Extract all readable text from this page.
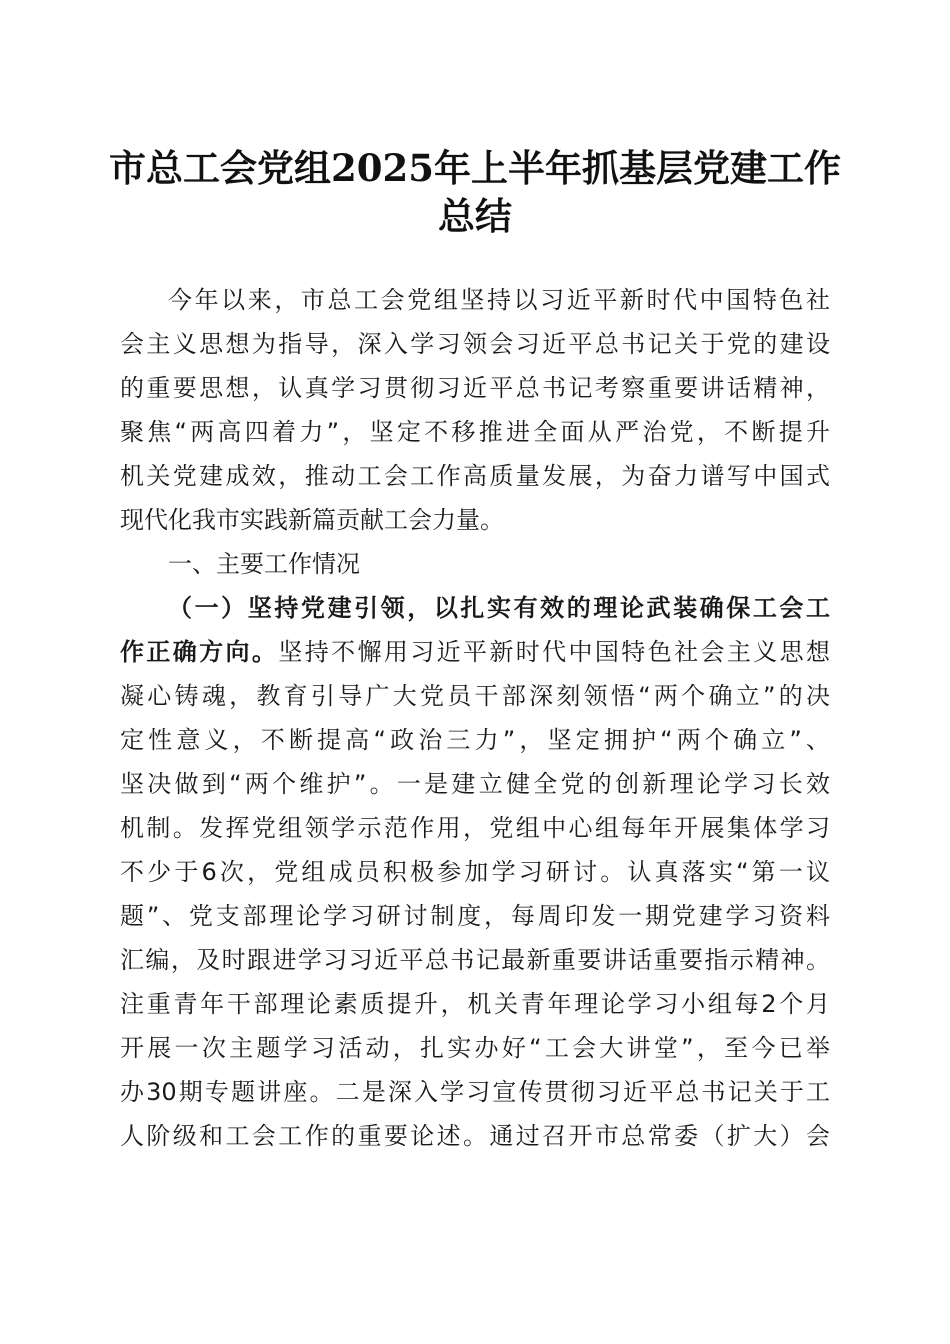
市总工会党组2025年上半年抓基层党建工作
总结
今年以来，市总工会党组坚持以习近平新时代中国特色社
会主义思想为指导，深入学习领会习近平总书记关于党的建设
的重要思想，认真学习贯彻习近平总书记考察重要讲话精神，
聚焦“两高四着力”，坚定不移推进全面从严治党，不断提升
机关党建成效，推动工会工作高质量发展，为奋力谱写中国式
现代化我市实践新篇贡献工会力量。
一、主要工作情况
（一）坚持党建引领，以扎实有效的理论武装确保工会工
作正确方向。坚持不懈用习近平新时代中国特色社会主义思想
凝心铸魂，教育引导广大党员干部深刻领悟“两个确立”的决
定性意义，不断提高“政治三力”，坚定拥护“两个确立”、
坚决做到“两个维护”。一是建立健全党的创新理论学习长效
机制。发挥党组领学示范作用，党组中心组每年开展集体学习
不少于6次，党组成员积极参加学习研讨。认真落实“第一议
题”、党支部理论学习研讨制度，每周印发一期党建学习资料
汇编，及时跟进学习习近平总书记最新重要讲话重要指示精神。
注重青年干部理论素质提升，机关青年理论学习小组每2个月
开展一次主题学习活动，扎实办好“工会大讲堂”，至今已举
办30期专题讲座。二是深入学习宣传贯彻习近平总书记关于工
人阶级和工会工作的重要论述。通过召开市总常委（扩大）会
